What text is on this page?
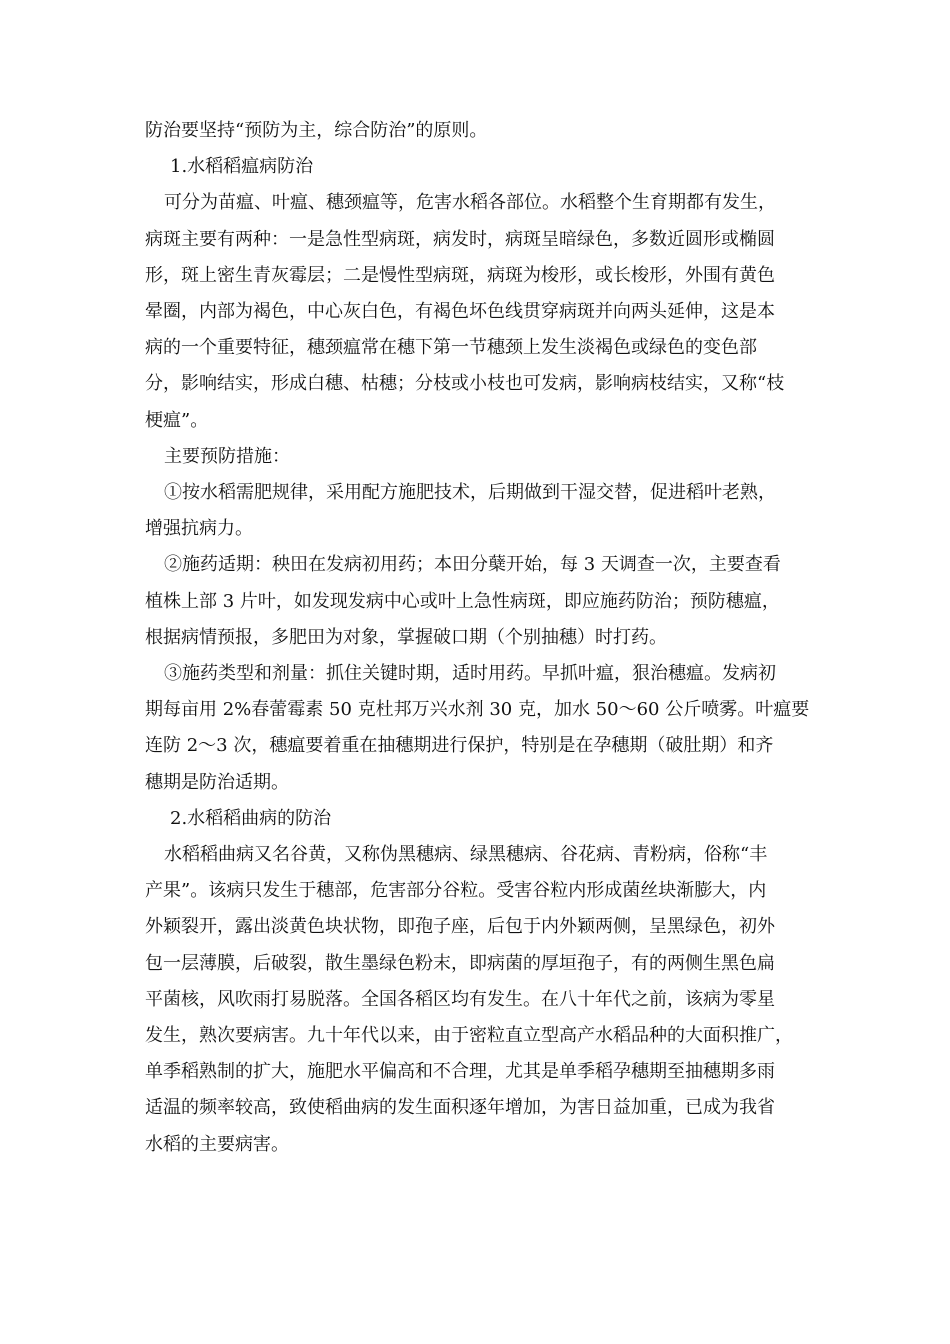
防治要坚持“预防为主，综合防治”的原则。

1.水稻稻瘟病防治

可分为苗瘟、叶瘟、穗颈瘟等，危害水稻各部位。水稻整个生育期都有发生，

病斑主要有两种：一是急性型病斑，病发时，病斑呈暗绿色，多数近圆形或椭圆

形，斑上密生青灰霉层；二是慢性型病斑，病斑为梭形，或长梭形，外围有黄色

晕圈，内部为褐色，中心灰白色，有褐色坏色线贯穿病斑并向两头延伸，这是本

病的一个重要特征，穗颈瘟常在穗下第一节穗颈上发生淡褐色或绿色的变色部

分，影响结实，形成白穗、枯穗；分枝或小枝也可发病，影响病枝结实，又称“枝

梗瘟”。

主要预防措施：

①按水稻需肥规律，采用配方施肥技术，后期做到干湿交替，促进稻叶老熟，

增强抗病力。

②施药适期：秧田在发病初用药；本田分蘖开始，每 3 天调查一次，主要查看

植株上部 3 片叶，如发现发病中心或叶上急性病斑，即应施药防治；预防穗瘟，

根据病情预报，多肥田为对象，掌握破口期（个别抽穗）时打药。

③施药类型和剂量：抓住关键时期，适时用药。早抓叶瘟，狠治穗瘟。发病初

期每亩用 2%春蕾霉素 50 克杜邦万兴水剂 30 克，加水 50～60 公斤喷雾。叶瘟要

连防 2～3 次，穗瘟要着重在抽穗期进行保护，特别是在孕穗期（破肚期）和齐

穗期是防治适期。

2.水稻稻曲病的防治

水稻稻曲病又名谷黄，又称伪黑穗病、绿黑穗病、谷花病、青粉病，俗称“丰

产果”。该病只发生于穗部，危害部分谷粒。受害谷粒内形成菌丝块渐膨大，内

外颖裂开，露出淡黄色块状物，即孢子座，后包于内外颖两侧，呈黑绿色，初外

包一层薄膜，后破裂，散生墨绿色粉末，即病菌的厚垣孢子，有的两侧生黑色扁

平菌核，风吹雨打易脱落。全国各稻区均有发生。在八十年代之前，该病为零星

发生，熟次要病害。九十年代以来，由于密粒直立型高产水稻品种的大面积推广，

单季稻熟制的扩大，施肥水平偏高和不合理，尤其是单季稻孕穗期至抽穗期多雨

适温的频率较高，致使稻曲病的发生面积逐年增加，为害日益加重，已成为我省

水稻的主要病害。
